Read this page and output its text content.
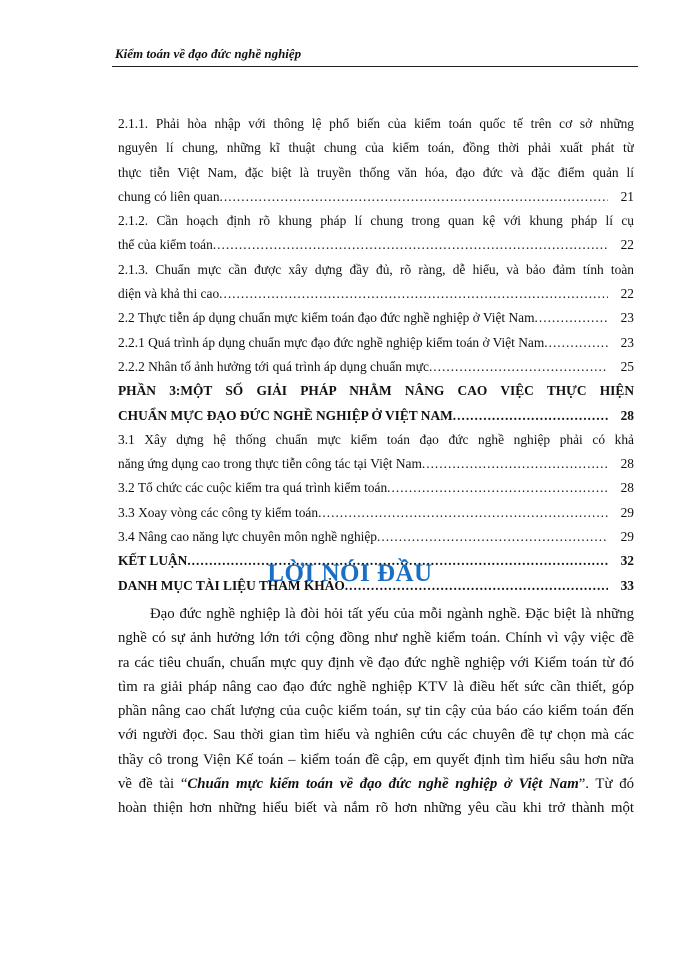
Kiểm toán về đạo đức nghề nghiệp
2.1.1. Phải hòa nhập với thông lệ phổ biến của kiểm toán quốc tế trên cơ sở những
nguyên lí chung, những kĩ thuật chung của kiểm toán, đồng thời phải xuất phát từ
thực tiễn Việt Nam, đặc biệt là truyền thống văn hóa, đạo đức và đặc điểm quản lí
chung có liên quan .....	21
2.1.2. Cần hoạch định rõ khung pháp lí chung trong quan kệ với khung pháp lí cụ
thể của kiểm toán .....	22
2.1.3. Chuẩn mực cần được xây dựng đầy đủ, rõ ràng, dễ hiểu, và bảo đảm tính toàn
diện và khả thi cao .....	22
2.2 Thực tiễn áp dụng chuẩn mực kiểm toán đạo đức nghề nghiệp ở Việt Nam .....	23
2.2.1 Quá trình áp dụng chuẩn mực đạo đức nghề nghiệp kiểm toán ở Việt Nam .....	23
2.2.2 Nhân tố ảnh hưởng tới quá trình áp dụng chuẩn mực .....	25
PHẦN 3:MỘT SỐ GIẢI PHÁP NHẰM NÂNG CAO VIỆC THỰC HIỆN
CHUẨN MỰC ĐẠO ĐỨC NGHỀ NGHIỆP Ở VIỆT NAM .....	28
3.1 Xây dựng hệ thống chuẩn mực kiểm toán đạo đức nghề nghiệp phải có khả
năng ứng dụng cao trong thực tiễn công tác tại Việt Nam .....	28
3.2 Tổ chức các cuộc kiểm tra quá trình kiểm toán .....	28
3.3 Xoay vòng các công ty kiểm toán .....	29
3.4 Nâng cao năng lực chuyên môn nghề nghiệp .....	29
KẾT LUẬN .....	32
DANH MỤC TÀI LIỆU THAM KHẢO .....	33
LỜI NÓI ĐẦU
Đạo đức nghề nghiệp là đòi hỏi tất yếu của mỗi ngành nghề. Đặc biệt là những
nghề có sự ảnh hưởng lớn tới cộng đồng như nghề kiểm toán. Chính vì vậy việc đề
ra các tiêu chuẩn, chuẩn mực quy định về đạo đức nghề nghiệp với Kiểm toán từ đó
tìm ra giải pháp nâng cao đạo đức nghề nghiệp KTV là điều hết sức cần thiết, góp
phần nâng cao chất lượng của cuộc kiểm toán, sự tin cậy của báo cáo kiểm toán đến
với người đọc. Sau thời gian tìm hiểu và nghiên cứu các chuyên đề tự chọn mà các
thầy cô trong Viện Kế toán – kiểm toán đề cập, em quyết định tìm hiểu sâu hơn nữa
về đề tài “Chuẩn mực kiểm toán về đạo đức nghề nghiệp ở Việt Nam”. Từ đó
hoàn thiện hơn những hiểu biết và nắm rõ hơn những yêu cầu khi trở thành một
